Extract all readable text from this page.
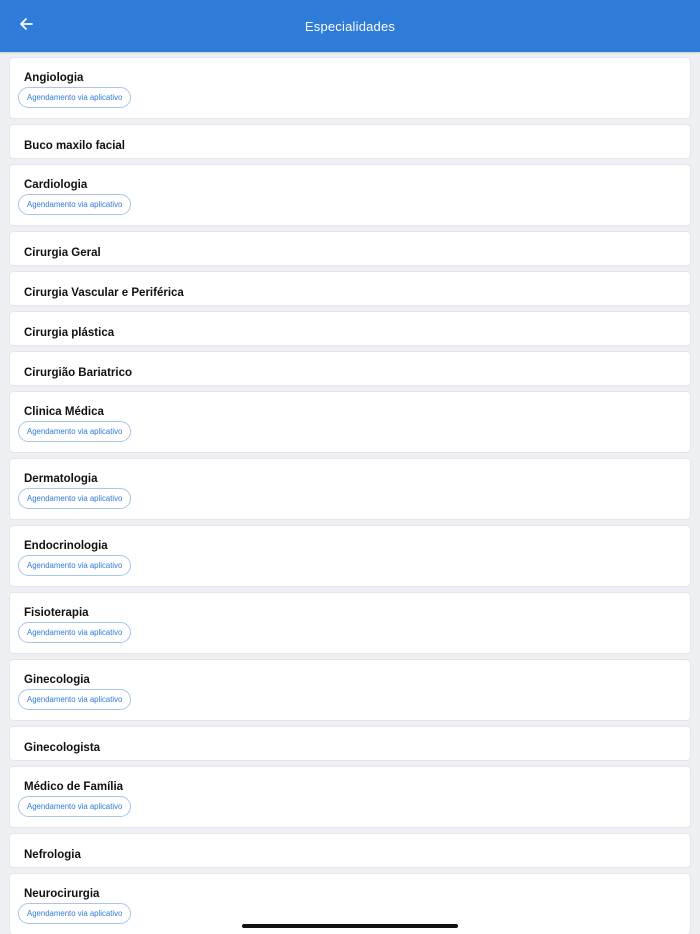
Especialidades
Angiologia
Agendamento via aplicativo
Buco maxilo facial
Cardiologia
Agendamento via aplicativo
Cirurgia Geral
Cirurgia Vascular e Periférica
Cirurgia plástica
Cirurgião Bariatrico
Clinica Médica
Agendamento via aplicativo
Dermatologia
Agendamento via aplicativo
Endocrinologia
Agendamento via aplicativo
Fisioterapia
Agendamento via aplicativo
Ginecologia
Agendamento via aplicativo
Ginecologista
Médico de Família
Agendamento via aplicativo
Nefrologia
Neurocirurgia
Agendamento via aplicativo
